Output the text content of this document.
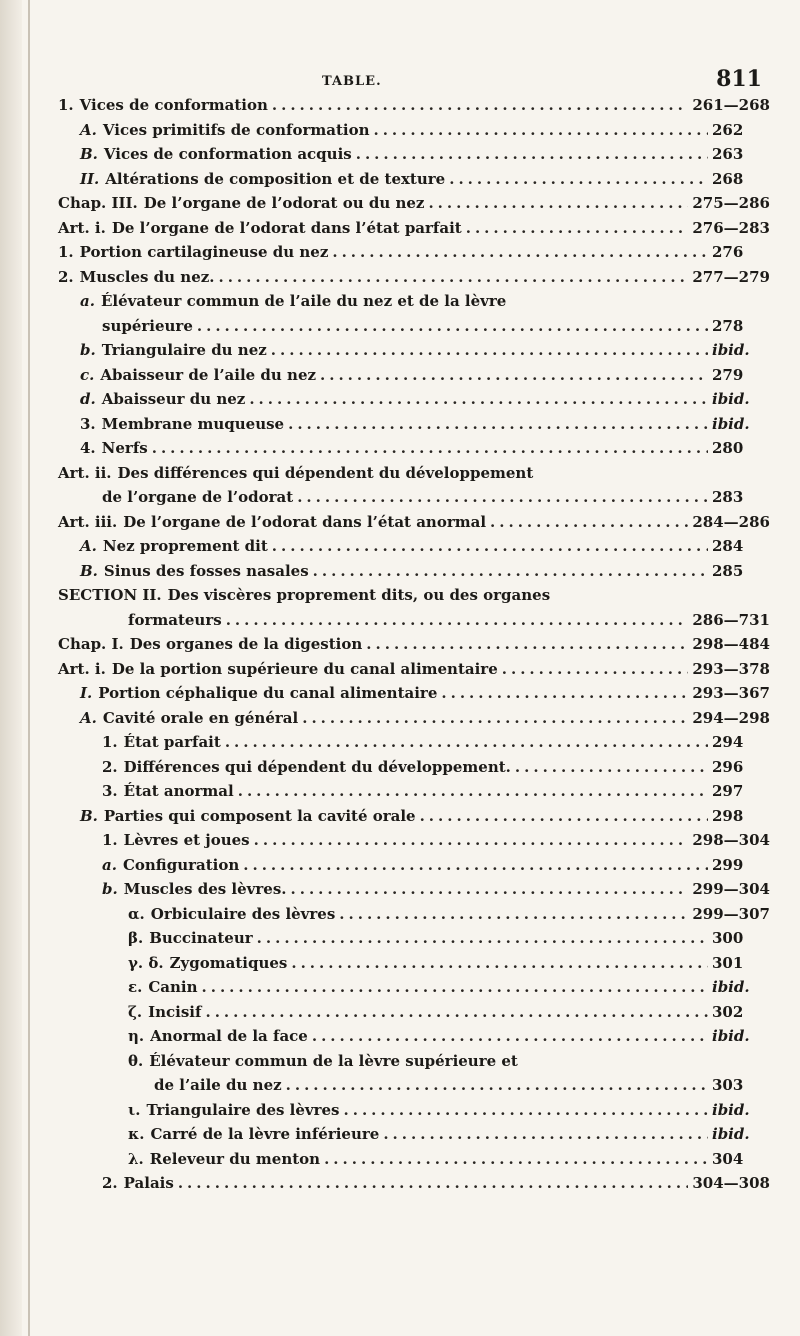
TABLE.	811
1. Vices de conformation .....	261—268
A. Vices primitifs de conformation .....	262
B. Vices de conformation acquis .....	263
II. Altérations de composition et de texture .....	268
Chap. III. De l’organe de l’odorat ou du nez .....	275—286
Art. i. De l’organe de l’odorat dans l’état parfait .....	276—283
1. Portion cartilagineuse du nez .....	276
2. Muscles du nez. .....	277—279
a. Élévateur commun de l’aile du nez et de la lèvre
supérieure .....	278
b. Triangulaire du nez .....	ibid.
c. Abaisseur de l’aile du nez .....	279
d. Abaisseur du nez .....	ibid.
3. Membrane muqueuse .....	ibid.
4. Nerfs .....	280
Art. ii. Des différences qui dépendent du développement
de l’organe de l’odorat .....	283
Art. iii. De l’organe de l’odorat dans l’état anormal .....	284—286
A. Nez proprement dit .....	284
B. Sinus des fosses nasales .....	285
SECTION II. Des viscères proprement dits, ou des organes
formateurs .....	286—731
Chap. I. Des organes de la digestion .....	298—484
Art. i. De la portion supérieure du canal alimentaire .....	293—378
I. Portion céphalique du canal alimentaire .....	293—367
A. Cavité orale en général .....	294—298
1. État parfait .....	294
2. Différences qui dépendent du développement. .....	296
3. État anormal .....	297
B. Parties qui composent la cavité orale .....	298
1. Lèvres et joues .....	298—304
a. Configuration .....	299
b. Muscles des lèvres. .....	299—304
α. Orbiculaire des lèvres .....	299—307
β. Buccinateur .....	300
γ. δ. Zygomatiques .....	301
ε. Canin .....	ibid.
ζ. Incisif .....	302
η. Anormal de la face .....	ibid.
θ. Élévateur commun de la lèvre supérieure et
de l’aile du nez .....	303
ι. Triangulaire des lèvres .....	ibid.
κ. Carré de la lèvre inférieure .....	ibid.
λ. Releveur du menton .....	304
2. Palais .....	304—308
